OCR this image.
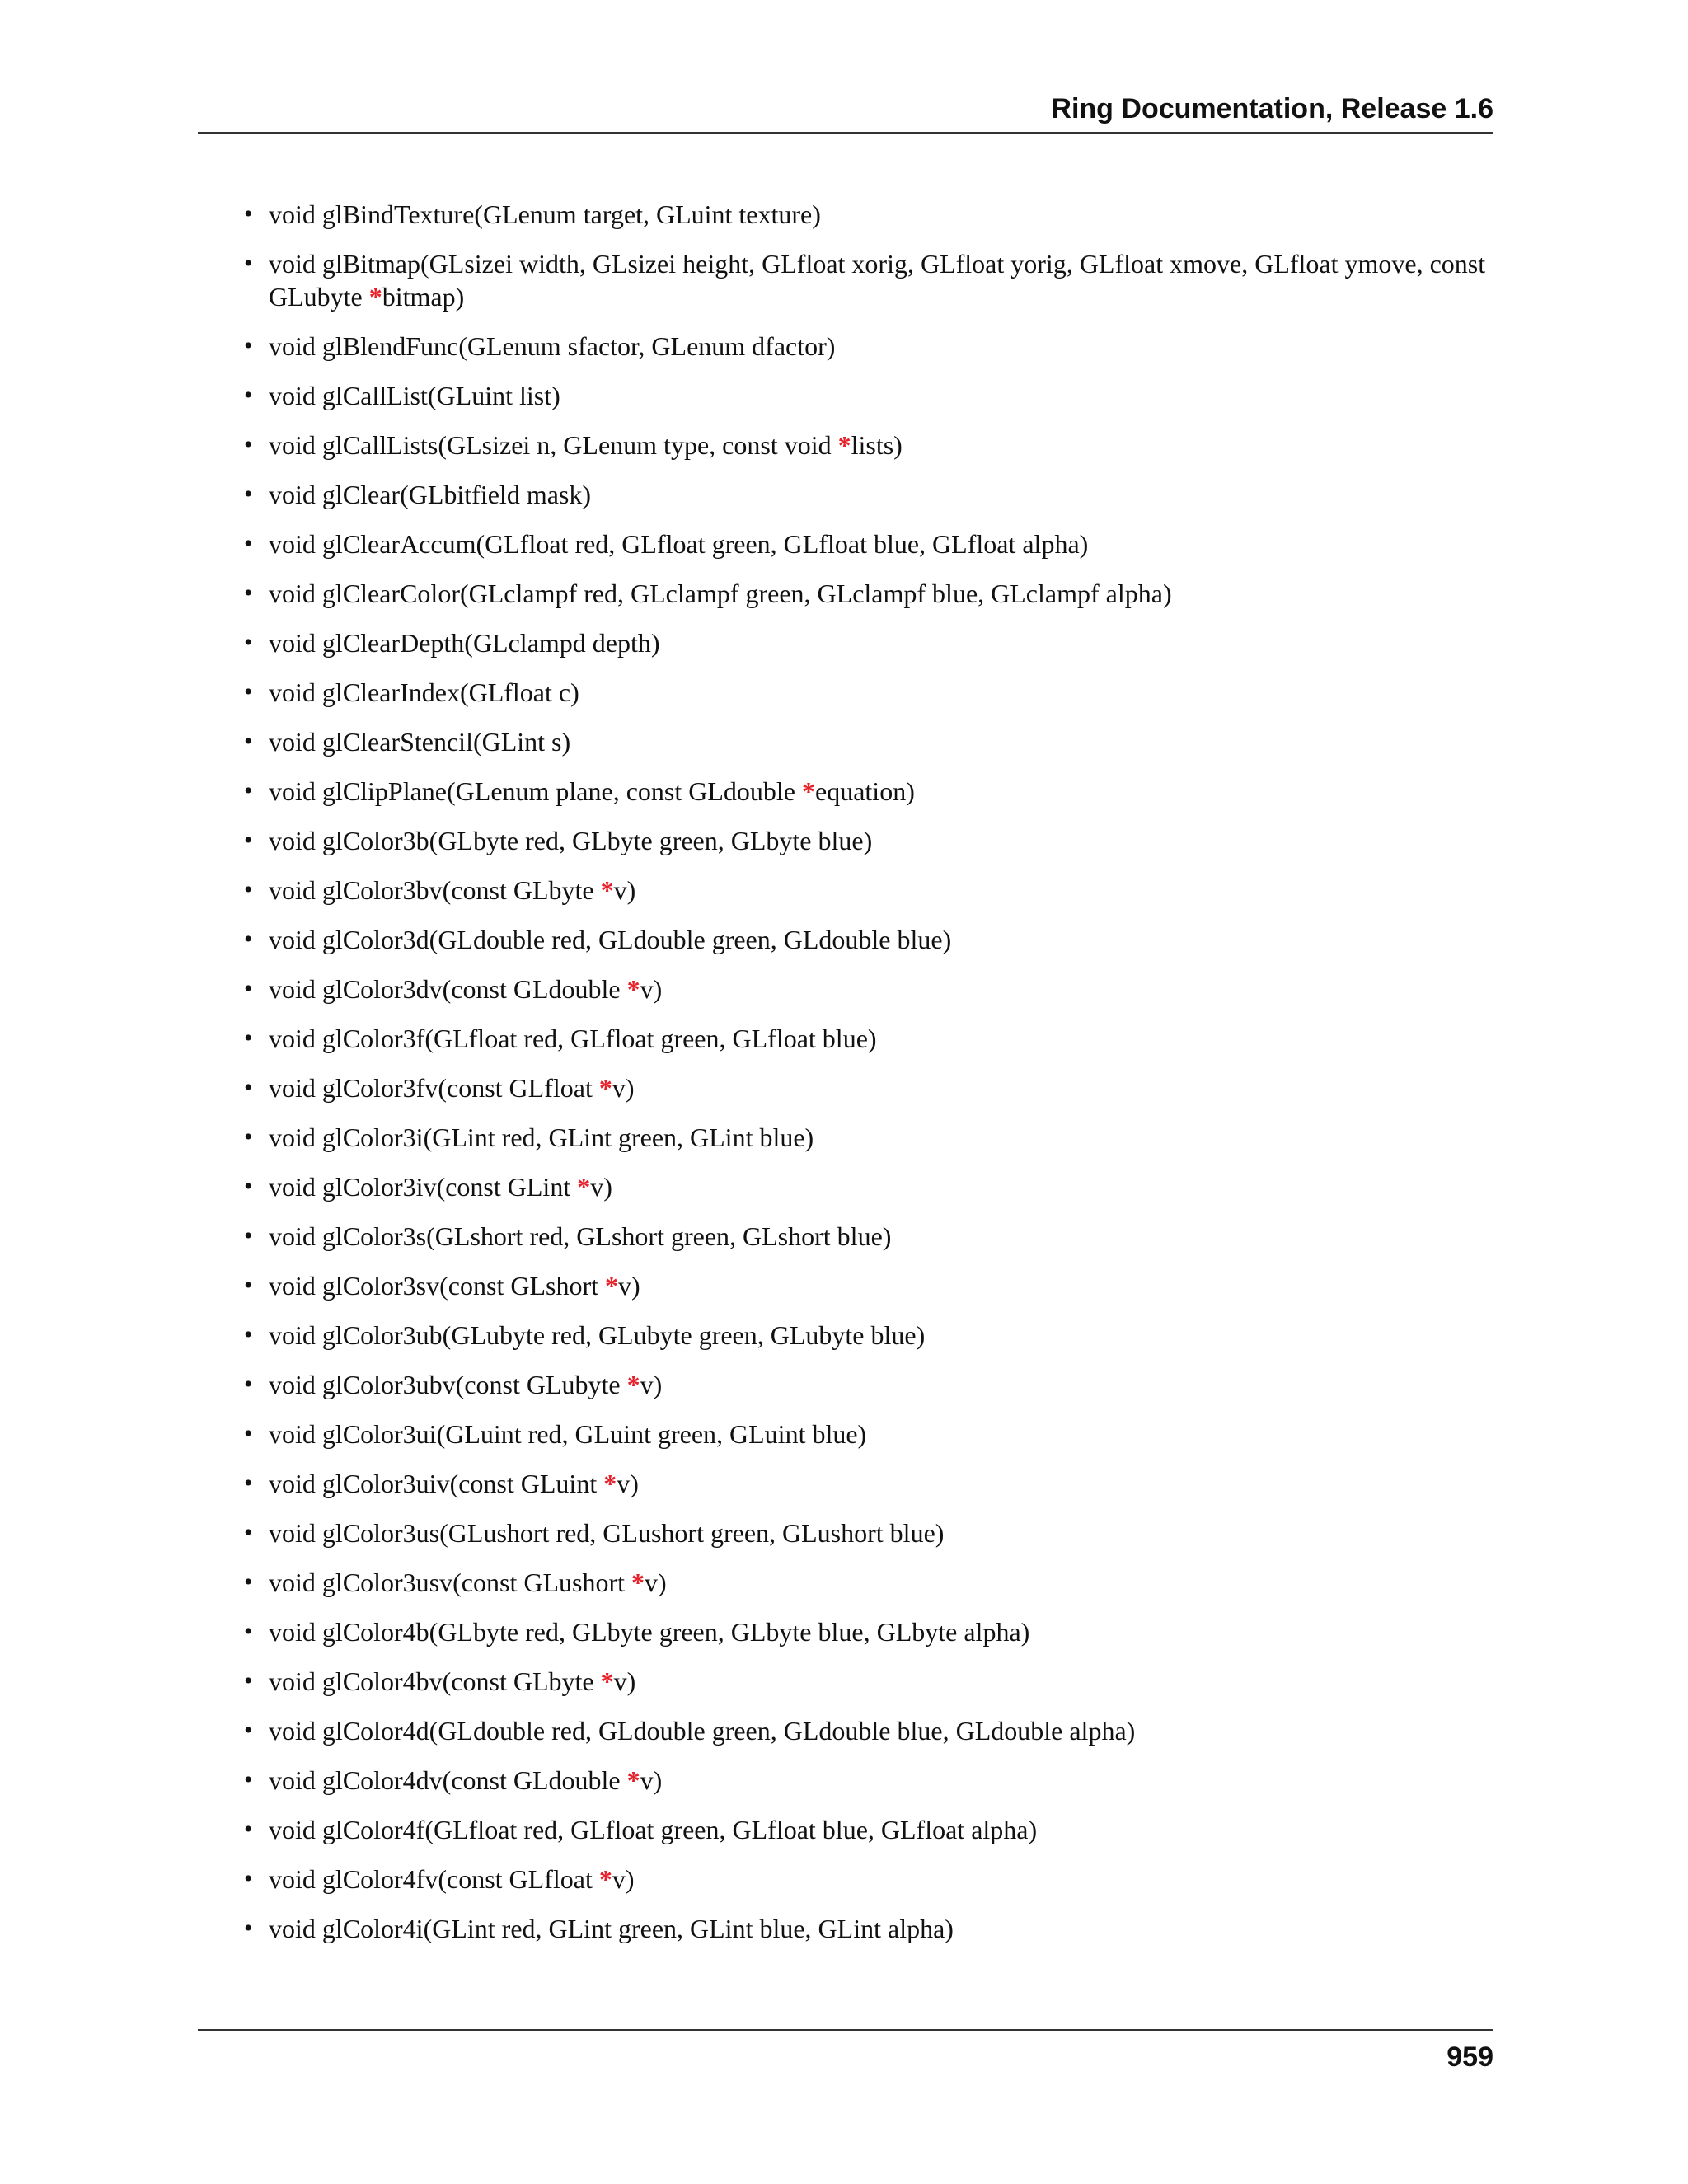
Ring Documentation, Release 1.6
• void glBindTexture(GLenum target, GLuint texture)
• void glBitmap(GLsizei width, GLsizei height, GLfloat xorig, GLfloat yorig, GLfloat xmove, GLfloat ymove, const GLubyte *bitmap)
• void glBlendFunc(GLenum sfactor, GLenum dfactor)
• void glCallList(GLuint list)
• void glCallLists(GLsizei n, GLenum type, const void *lists)
• void glClear(GLbitfield mask)
• void glClearAccum(GLfloat red, GLfloat green, GLfloat blue, GLfloat alpha)
• void glClearColor(GLclampf red, GLclampf green, GLclampf blue, GLclampf alpha)
• void glClearDepth(GLclampd depth)
• void glClearIndex(GLfloat c)
• void glClearStencil(GLint s)
• void glClipPlane(GLenum plane, const GLdouble *equation)
• void glColor3b(GLbyte red, GLbyte green, GLbyte blue)
• void glColor3bv(const GLbyte *v)
• void glColor3d(GLdouble red, GLdouble green, GLdouble blue)
• void glColor3dv(const GLdouble *v)
• void glColor3f(GLfloat red, GLfloat green, GLfloat blue)
• void glColor3fv(const GLfloat *v)
• void glColor3i(GLint red, GLint green, GLint blue)
• void glColor3iv(const GLint *v)
• void glColor3s(GLshort red, GLshort green, GLshort blue)
• void glColor3sv(const GLshort *v)
• void glColor3ub(GLubyte red, GLubyte green, GLubyte blue)
• void glColor3ubv(const GLubyte *v)
• void glColor3ui(GLuint red, GLuint green, GLuint blue)
• void glColor3uiv(const GLuint *v)
• void glColor3us(GLushort red, GLushort green, GLushort blue)
• void glColor3usv(const GLushort *v)
• void glColor4b(GLbyte red, GLbyte green, GLbyte blue, GLbyte alpha)
• void glColor4bv(const GLbyte *v)
• void glColor4d(GLdouble red, GLdouble green, GLdouble blue, GLdouble alpha)
• void glColor4dv(const GLdouble *v)
• void glColor4f(GLfloat red, GLfloat green, GLfloat blue, GLfloat alpha)
• void glColor4fv(const GLfloat *v)
• void glColor4i(GLint red, GLint green, GLint blue, GLint alpha)
959
